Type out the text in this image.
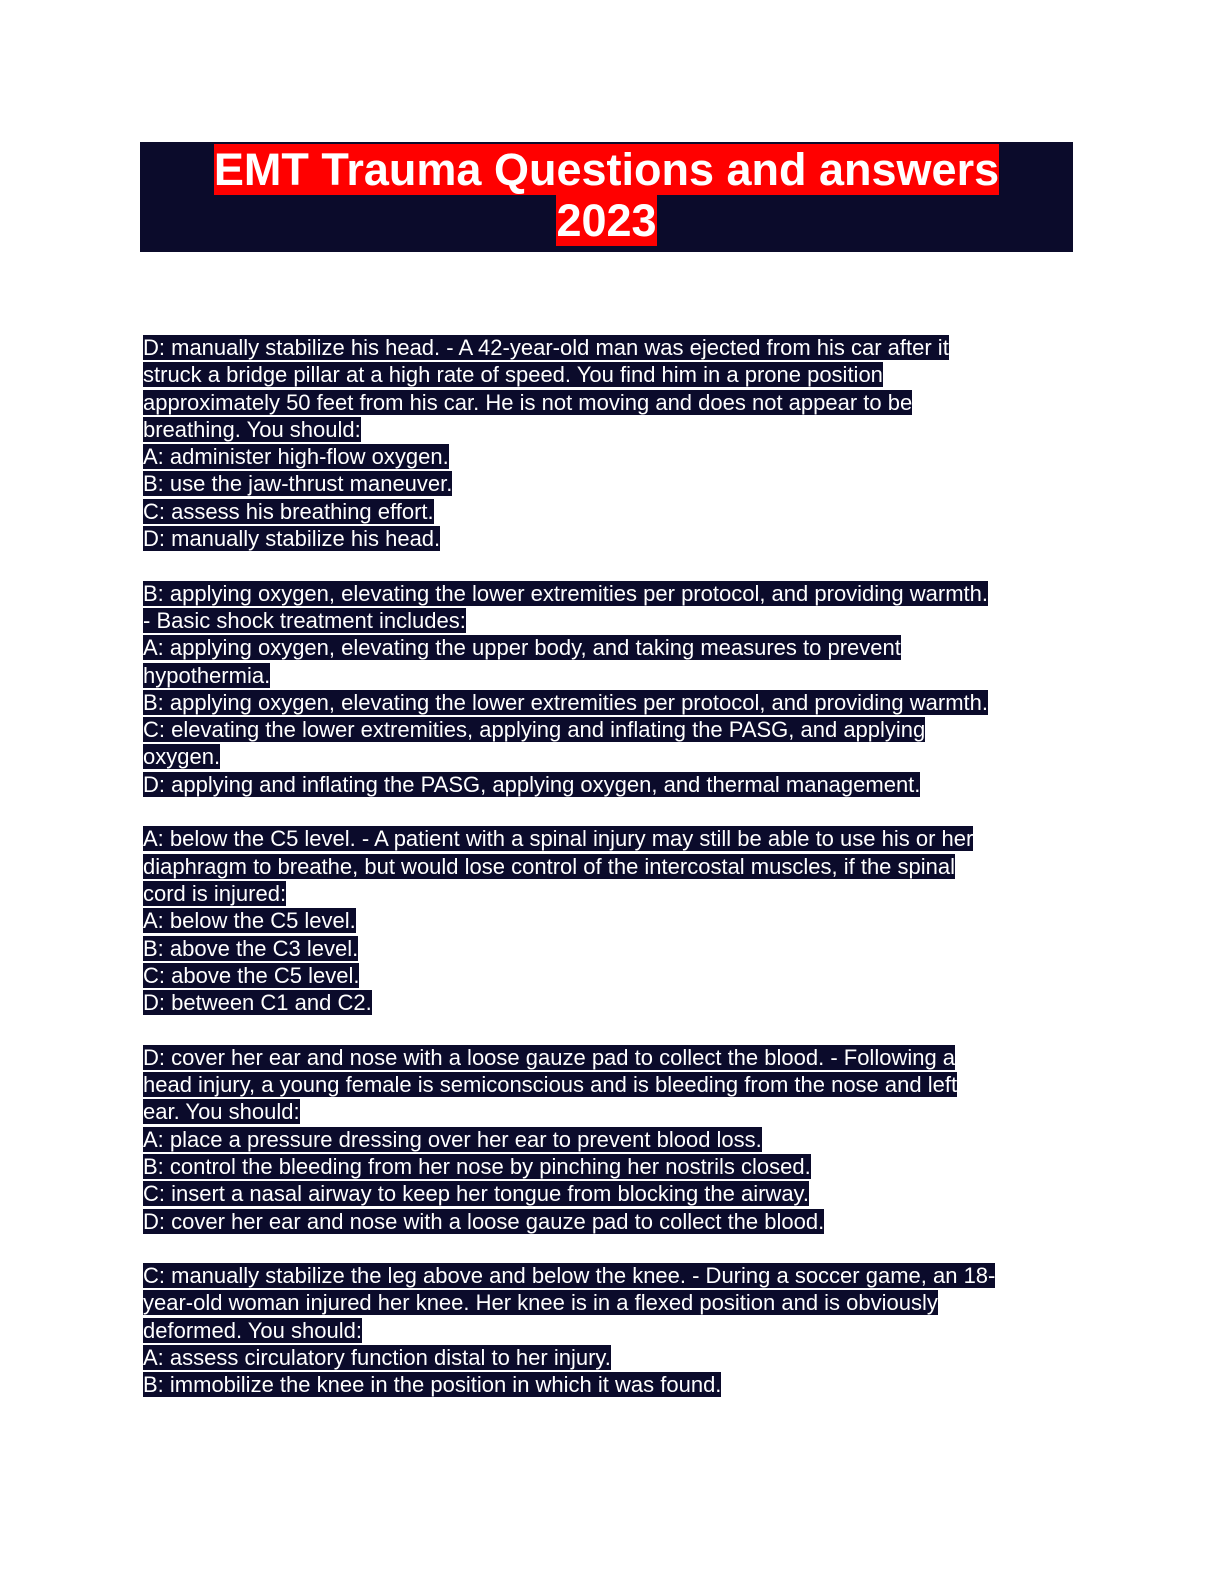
EMT Trauma Questions and answers
2023
D: manually stabilize his head. - A 42-year-old man was ejected from his car after it
struck a bridge pillar at a high rate of speed. You find him in a prone position
approximately 50 feet from his car. He is not moving and does not appear to be
breathing. You should:
A: administer high-flow oxygen.
B: use the jaw-thrust maneuver.
C: assess his breathing effort.
D: manually stabilize his head.
B: applying oxygen, elevating the lower extremities per protocol, and providing warmth.
- Basic shock treatment includes:
A: applying oxygen, elevating the upper body, and taking measures to prevent
hypothermia.
B: applying oxygen, elevating the lower extremities per protocol, and providing warmth.
C: elevating the lower extremities, applying and inflating the PASG, and applying
oxygen.
D: applying and inflating the PASG, applying oxygen, and thermal management.
A: below the C5 level. - A patient with a spinal injury may still be able to use his or her
diaphragm to breathe, but would lose control of the intercostal muscles, if the spinal
cord is injured:
A: below the C5 level.
B: above the C3 level.
C: above the C5 level.
D: between C1 and C2.
D: cover her ear and nose with a loose gauze pad to collect the blood. - Following a
head injury, a young female is semiconscious and is bleeding from the nose and left
ear. You should:
A: place a pressure dressing over her ear to prevent blood loss.
B: control the bleeding from her nose by pinching her nostrils closed.
C: insert a nasal airway to keep her tongue from blocking the airway.
D: cover her ear and nose with a loose gauze pad to collect the blood.
C: manually stabilize the leg above and below the knee. - During a soccer game, an 18-
year-old woman injured her knee. Her knee is in a flexed position and is obviously
deformed. You should:
A: assess circulatory function distal to her injury.
B: immobilize the knee in the position in which it was found.
